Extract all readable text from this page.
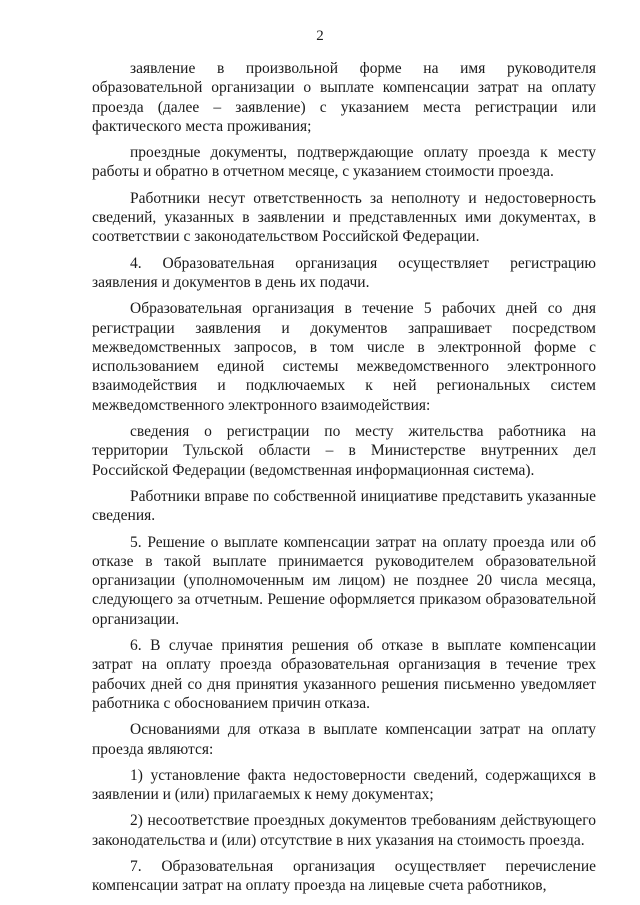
2

заявление в произвольной форме на имя руководителя образовательной организации о выплате компенсации затрат на оплату проезда (далее – заявление) с указанием места регистрации или фактического места проживания;

проездные документы, подтверждающие оплату проезда к месту работы и обратно в отчетном месяце, с указанием стоимости проезда.

Работники несут ответственность за неполноту и недостоверность сведений, указанных в заявлении и представленных ими документах, в соответствии с законодательством Российской Федерации.

4. Образовательная организация осуществляет регистрацию заявления и документов в день их подачи.

Образовательная организация в течение 5 рабочих дней со дня регистрации заявления и документов запрашивает посредством межведомственных запросов, в том числе в электронной форме с использованием единой системы межведомственного электронного взаимодействия и подключаемых к ней региональных систем межведомственного электронного взаимодействия:

сведения о регистрации по месту жительства работника на территории Тульской области – в Министерстве внутренних дел Российской Федерации (ведомственная информационная система).

Работники вправе по собственной инициативе представить указанные сведения.

5. Решение о выплате компенсации затрат на оплату проезда или об отказе в такой выплате принимается руководителем образовательной организации (уполномоченным им лицом) не позднее 20 числа месяца, следующего за отчетным. Решение оформляется приказом образовательной организации.

6. В случае принятия решения об отказе в выплате компенсации затрат на оплату проезда образовательная организация в течение трех рабочих дней со дня принятия указанного решения письменно уведомляет работника с обоснованием причин отказа.

Основаниями для отказа в выплате компенсации затрат на оплату проезда являются:

1) установление факта недостоверности сведений, содержащихся в заявлении и (или) прилагаемых к нему документах;

2) несоответствие проездных документов требованиям действующего законодательства и (или) отсутствие в них указания на стоимость проезда.

7. Образовательная организация осуществляет перечисление компенсации затрат на оплату проезда на лицевые счета работников,
